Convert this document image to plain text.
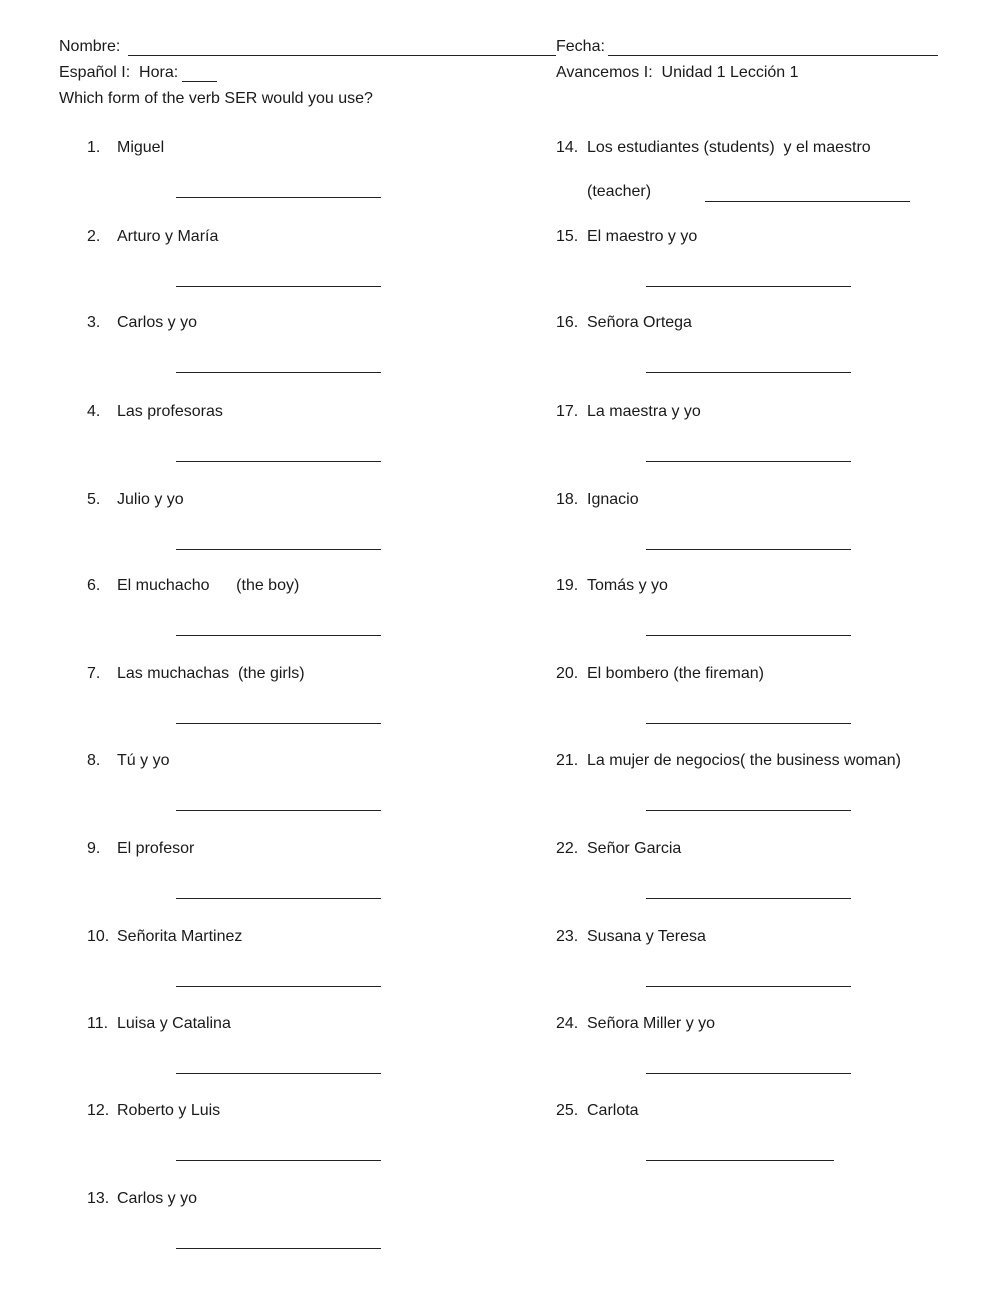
Nombre:	Fecha:
Español I:  Hora:	Avancemos I:  Unidad 1 Lección 1
Which form of the verb SER would you use?
1. Miguel
2. Arturo y María
3. Carlos y yo
4. Las profesoras
5. Julio y yo
6. El muchacho      (the boy)
7. Las muchachas  (the girls)
8. Tú y yo
9. El profesor
10. Señorita Martinez
11. Luisa y Catalina
12. Roberto y Luis
13. Carlos y yo
14. Los estudiantes (students)  y el maestro
(teacher)
15. El maestro y yo
16. Señora Ortega
17. La maestra y yo
18. Ignacio
19. Tomás y yo
20. El bombero (the fireman)
21. La mujer de negocios( the business woman)
22. Señor Garcia
23. Susana y Teresa
24. Señora Miller y yo
25. Carlota
